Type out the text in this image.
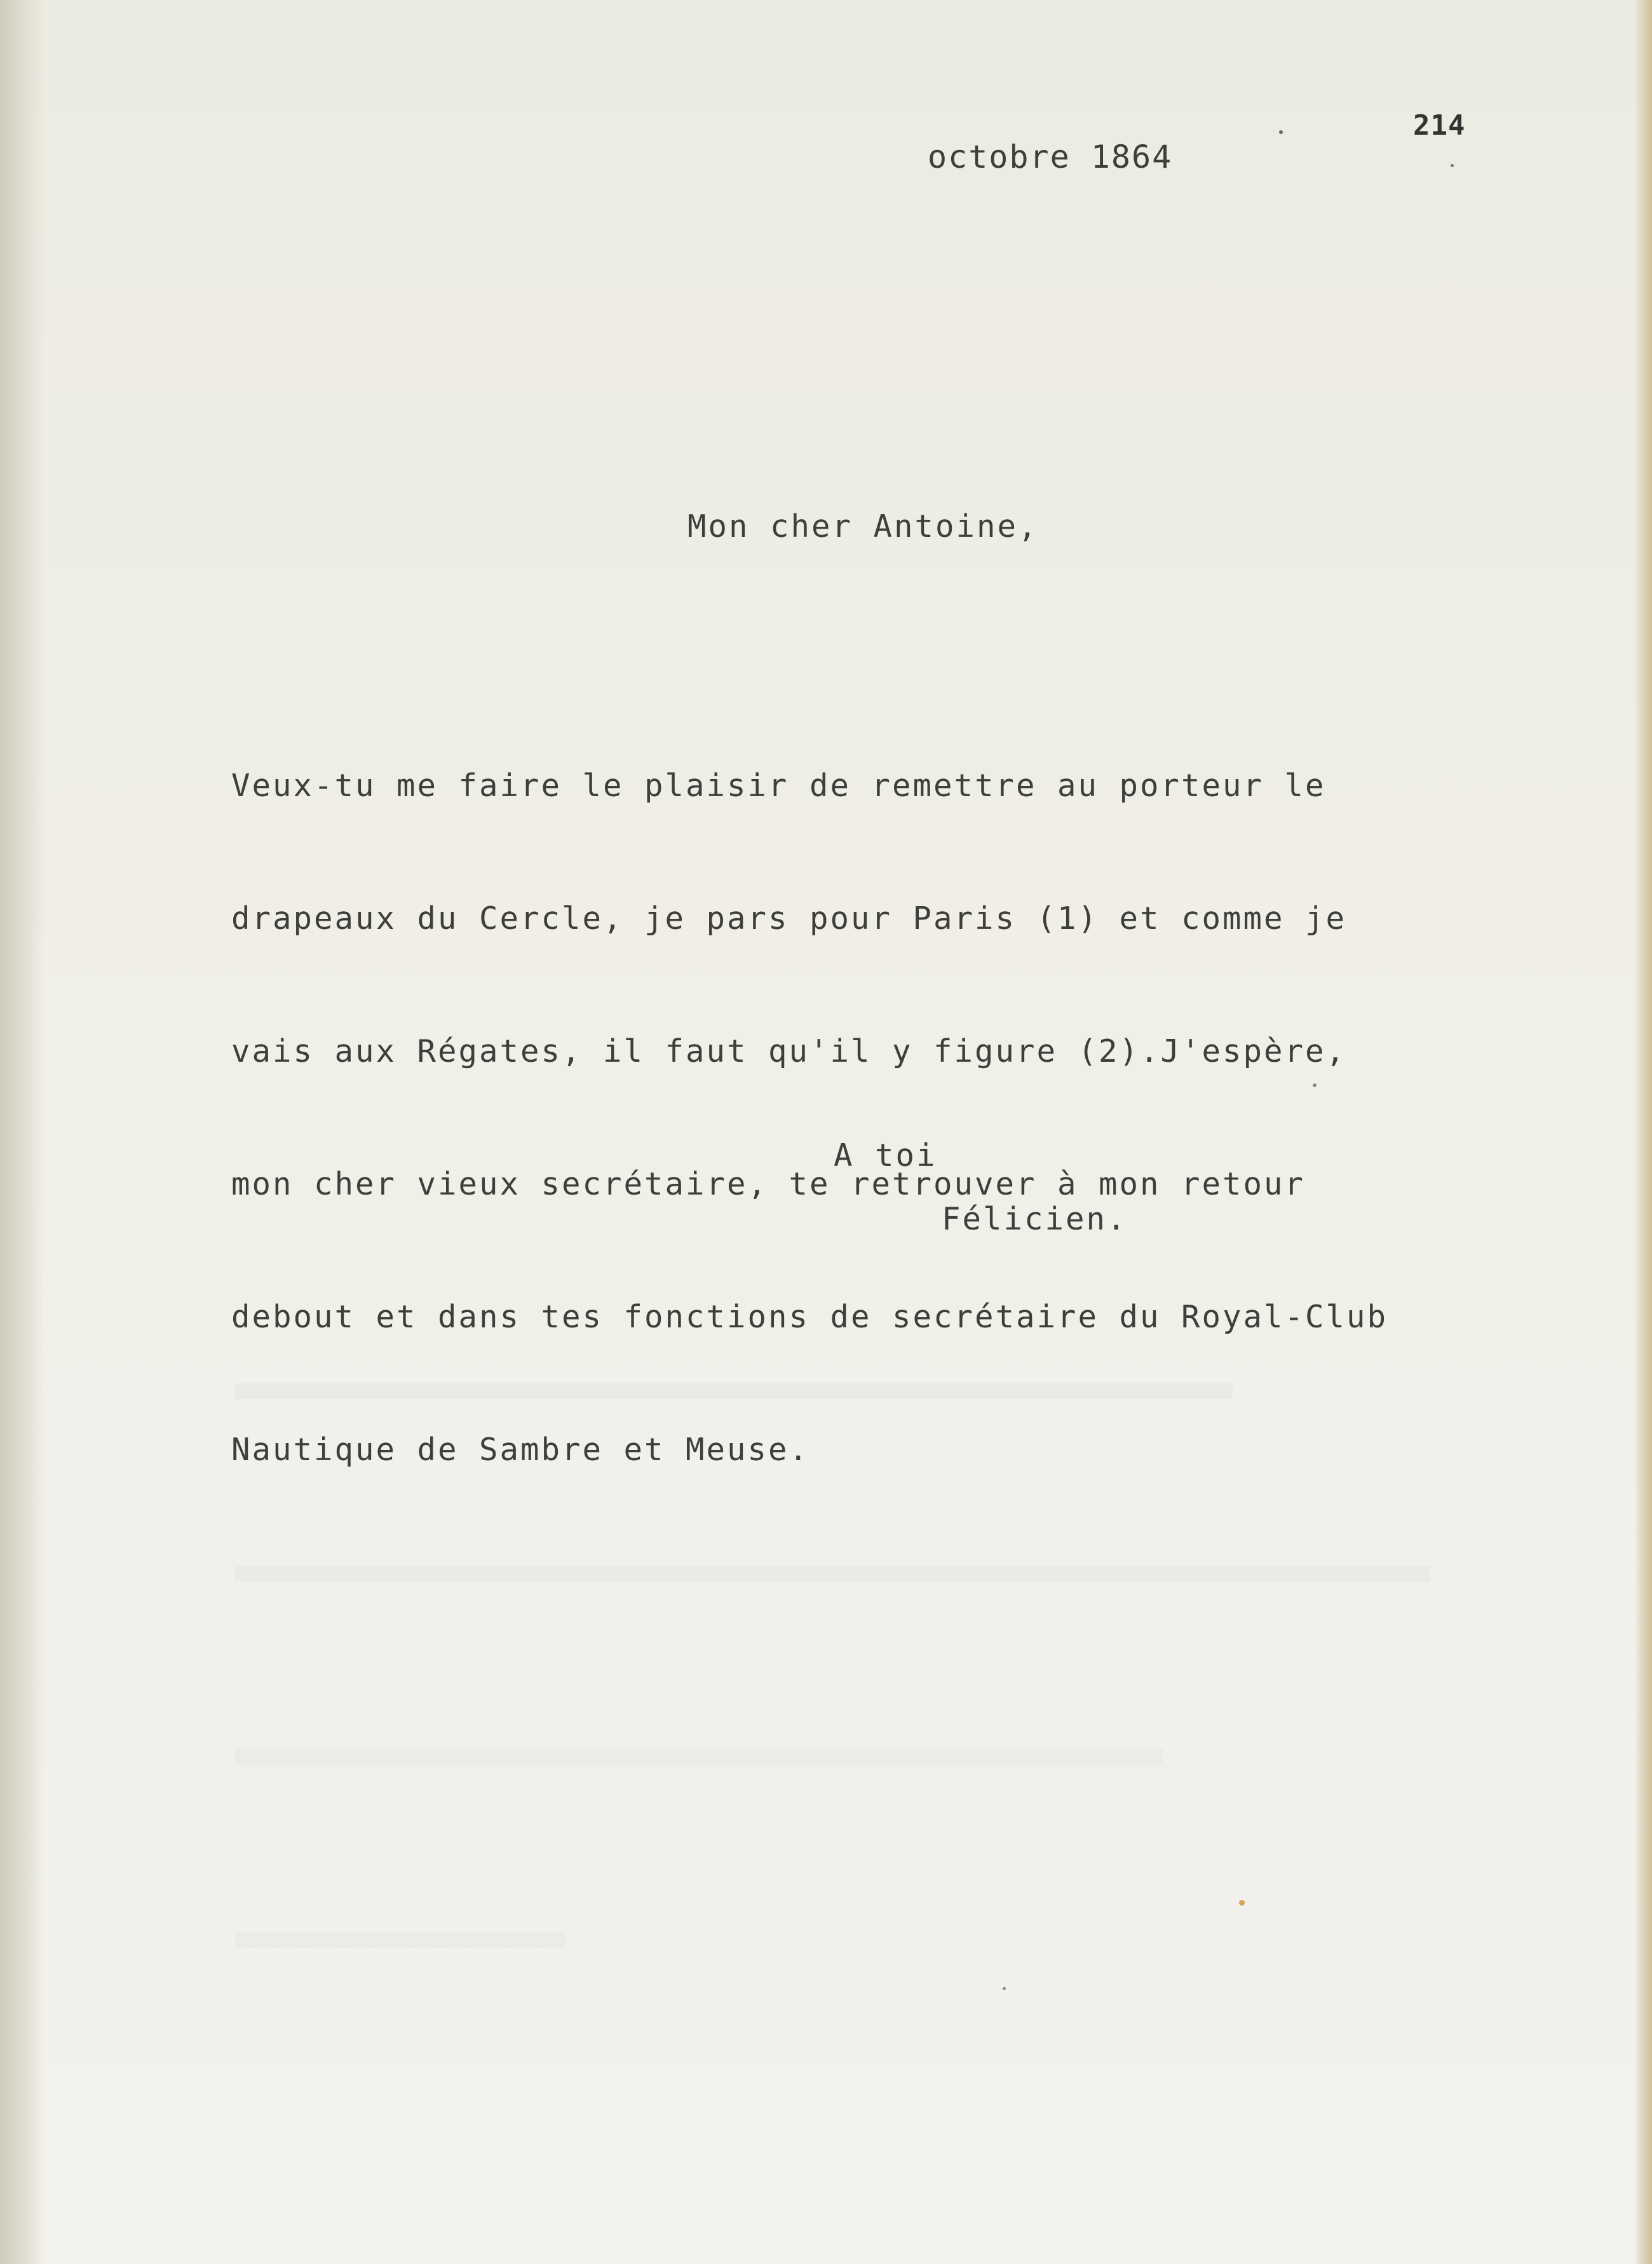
214
octobre 1864
Mon cher Antoine,

Veux-tu me faire le plaisir de remettre au porteur le

drapeaux du Cercle, je pars pour Paris (1) et comme je

vais aux Régates, il faut qu'il y figure (2).J'espère,

mon cher vieux secrétaire, te retrouver à mon retour

debout et dans tes fonctions de secrétaire du Royal-Club

Nautique de Sambre et Meuse.

A toi
Félicien.
